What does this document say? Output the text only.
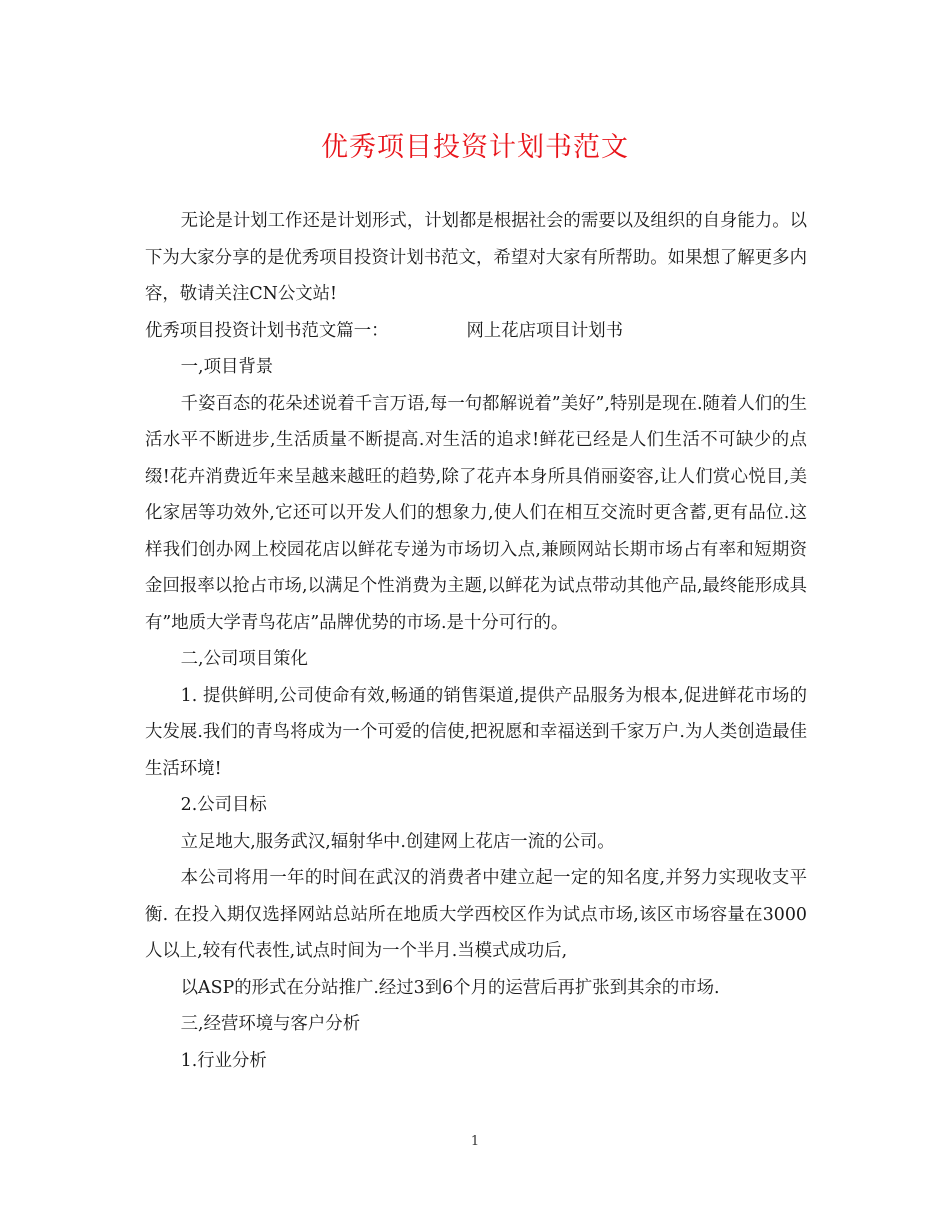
优秀项目投资计划书范文

无论是计划工作还是计划形式，计划都是根据社会的需要以及组织的自身能力。以下为大家分享的是优秀项目投资计划书范文，希望对大家有所帮助。如果想了解更多内容，敬请关注CN公文站!

优秀项目投资计划书范文篇一：	网上花店项目计划书

一,项目背景

千姿百态的花朵述说着千言万语,每一句都解说着”美好”,特别是现在.随着人们的生活水平不断进步,生活质量不断提高.对生活的追求!鲜花已经是人们生活不可缺少的点缀!花卉消费近年来呈越来越旺的趋势,除了花卉本身所具俏丽姿容,让人们赏心悦目,美化家居等功效外,它还可以开发人们的想象力,使人们在相互交流时更含蓄,更有品位.这样我们创办网上校园花店以鲜花专递为市场切入点,兼顾网站长期市场占有率和短期资金回报率以抢占市场,以满足个性消费为主题,以鲜花为试点带动其他产品,最终能形成具有”地质大学青鸟花店”品牌优势的市场.是十分可行的。

二,公司项目策化

1. 提供鲜明,公司使命有效,畅通的销售渠道,提供产品服务为根本,促进鲜花市场的大发展.我们的青鸟将成为一个可爱的信使,把祝愿和幸福送到千家万户.为人类创造最佳生活环境!

2.公司目标

立足地大,服务武汉,辐射华中.创建网上花店一流的公司。

本公司将用一年的时间在武汉的消费者中建立起一定的知名度,并努力实现收支平衡. 在投入期仅选择网站总站所在地质大学西校区作为试点市场,该区市场容量在3000人以上,较有代表性,试点时间为一个半月.当模式成功后,

以ASP的形式在分站推广.经过3到6个月的运营后再扩张到其余的市场.

三,经营环境与客户分析

1.行业分析

1
